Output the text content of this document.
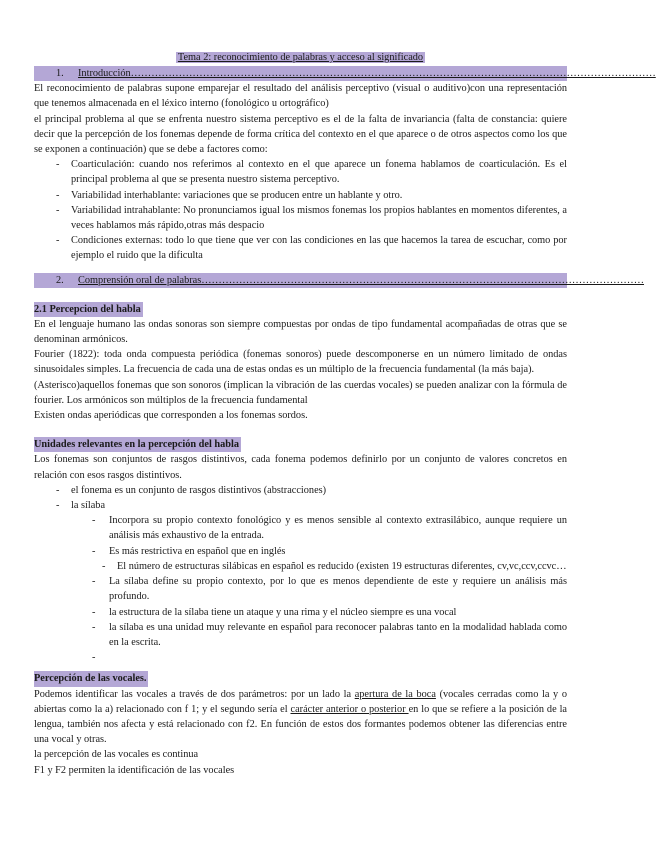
Tema 2: reconocimiento de palabras y acceso al significado
1. Introducción………………………………………………………………………………………………………………………………………

El reconocimiento de palabras supone emparejar el resultado del análisis perceptivo (visual o auditivo)con una representación que tenemos almacenada en el léxico interno (fonológico u ortográfico)

el principal problema al que se enfrenta nuestro sistema perceptivo es el de la falta de invariancia (falta de constancia: quiere decir que la percepción de los fonemas depende de forma crítica del contexto en el que aparece o de otros aspectos como los que se exponen a continuación) que se debe a factores como:

- Coarticulación: cuando nos referimos al contexto en el que aparece un fonema hablamos de coarticulación. Es el principal problema al que se presenta nuestro sistema perceptivo.
- Variabilidad interhablante: variaciones que se producen entre un hablante y otro.
- Variabilidad intrahablante: No pronunciamos igual los mismos fonemas los propios hablantes en momentos diferentes, a veces hablamos más rápido,otras más despacio
- Condiciones externas: todo lo que tiene que ver con las condiciones en las que hacemos la tarea de escuchar, como por ejemplo el ruido que la dificulta
2. Comprensión oral de palabras…………………………………………………………………………………………………………………

2.1 Percepcion del habla

En el lenguaje humano las ondas sonoras son siempre compuestas por ondas de tipo fundamental acompañadas de otras que se denominan armónicos.

Fourier (1822): toda onda compuesta periódica (fonemas sonoros) puede descomponerse en un número limitado de ondas sinusoidales simples. La frecuencia de cada una de estas ondas es un múltiplo de la frecuencia fundamental (la más baja).

(Asterisco)aquellos fonemas que son sonoros (implican la vibración de las cuerdas vocales) se pueden analizar con la fórmula de fourier. Los armónicos son múltiplos de la frecuencia fundamental

Existen ondas aperiódicas que corresponden a los fonemas sordos.

Unidades relevantes en la percepción del habla

Los fonemas son conjuntos de rasgos distintivos, cada fonema podemos definirlo por un conjunto de valores concretos en relación con esos rasgos distintivos.

- el fonema es un conjunto de rasgos distintivos (abstracciones)
- la sílaba
- Incorpora su propio contexto fonológico y es menos sensible al contexto extrasilábico, aunque requiere un análisis más exhaustivo de la entrada.
- Es más restrictiva en español que en inglés
- El número de estructuras silábicas en español es reducido (existen 19 estructuras diferentes, cv,vc,ccv,ccvc…
- La sílaba define su propio contexto, por lo que es menos dependiente de este y requiere un análisis más profundo.
- la estructura de la sílaba tiene un ataque y una rima y el núcleo siempre es una vocal
- la sílaba es una unidad muy relevante en español para reconocer palabras tanto en la modalidad hablada como en la escrita.
-

Percepción de las vocales.

Podemos identificar las vocales a través de dos parámetros: por un lado la apertura de la boca (vocales cerradas como la y o abiertas como la a) relacionado con f 1; y el segundo sería el carácter anterior o posterior en lo que se refiere a la posición de la lengua, también nos afecta y está relacionado con f2. En función de estos dos formantes podemos obtener las diferencias entre una vocal y otras.

la percepción de las vocales es continua

F1 y F2 permiten la identificación de las vocales
